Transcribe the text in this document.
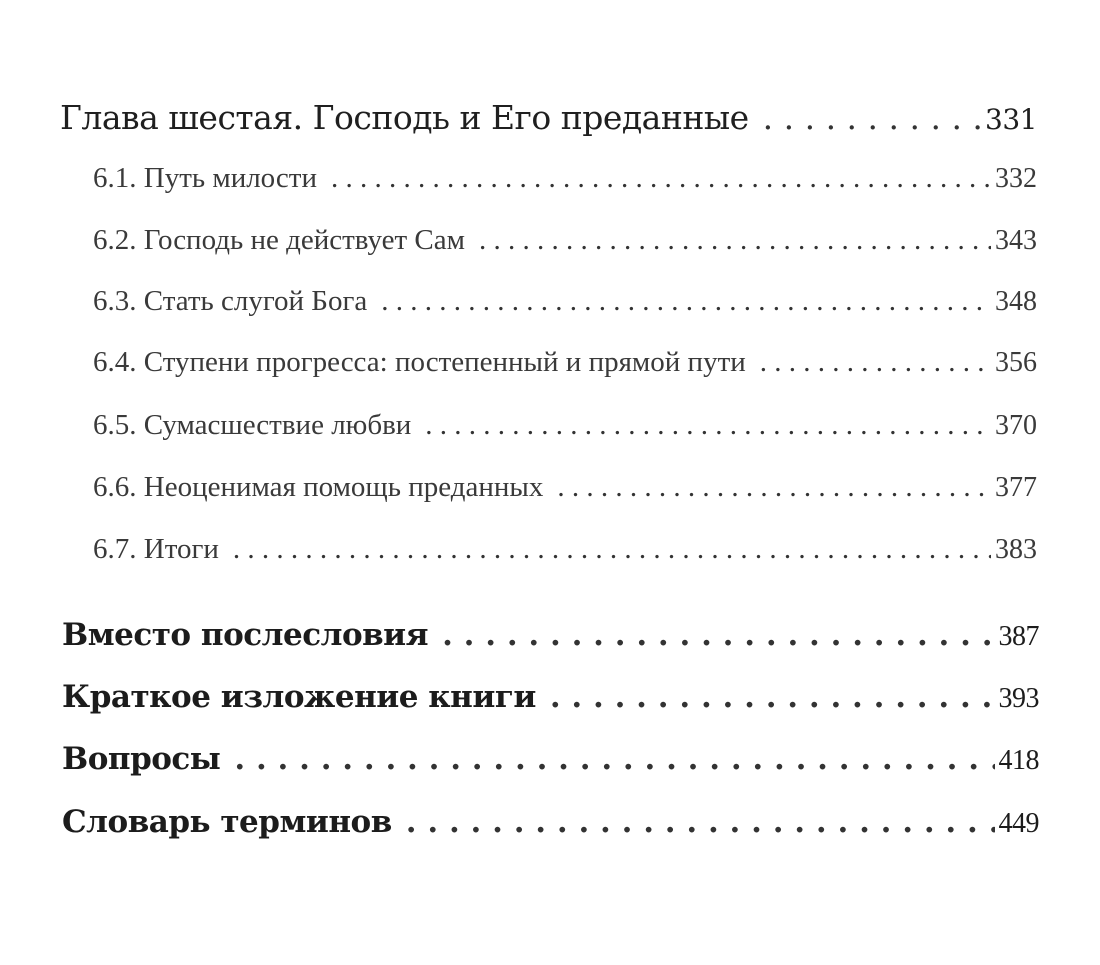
Глава шестая. Господь и Его преданные . . .	331
6.1. Путь милости . . .	332
6.2. Господь не действует Сам . . .	343
6.3. Стать слугой Бога . . .	348
6.4. Ступени прогресса: постепенный и прямой пути . . .	356
6.5. Сумасшествие любви . . .	370
6.6. Неоценимая помощь преданных . . .	377
6.7. Итоги . . .	383
Вместо послесловия . . .	387
Краткое изложение книги . . .	393
Вопросы . . .	418
Словарь терминов . . .	449
